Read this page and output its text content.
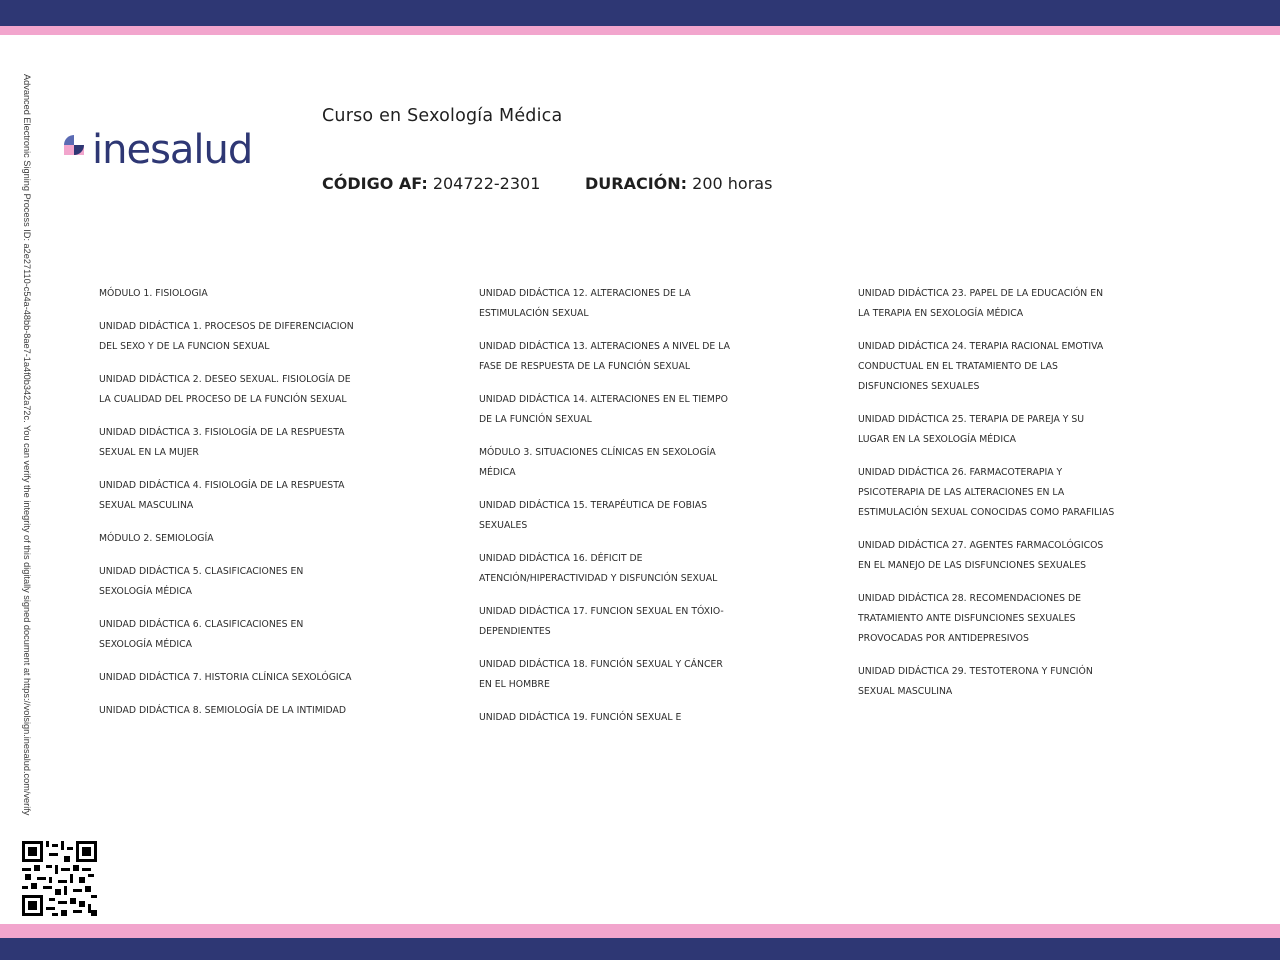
Advanced Electronic Signing Process ID: a2e27110-c54a-48bb-8ae7-1a4f0b342a72c. You can verify the integrity of this digitally signed document at https://volsign.inesalud.com/verify inesalud
Curso en Sexología Médica
CÓDIGO AF: 204722-2301	DURACIÓN: 200 horas
MÓDULO 1. FISIOLOGIA
UNIDAD DIDÁCTICA 1. PROCESOS DE DIFERENCIACION DEL SEXO Y DE LA FUNCION SEXUAL
UNIDAD DIDÁCTICA 2. DESEO SEXUAL. FISIOLOGÍA DE LA CUALIDAD DEL PROCESO DE LA FUNCIÓN SEXUAL
UNIDAD DIDÁCTICA 3. FISIOLOGÍA DE LA RESPUESTA SEXUAL EN LA MUJER
UNIDAD DIDÁCTICA 4. FISIOLOGÍA DE LA RESPUESTA SEXUAL MASCULINA
MÓDULO 2. SEMIOLOGÍA
UNIDAD DIDÁCTICA 5. CLASIFICACIONES EN SEXOLOGÍA MÉDICA
UNIDAD DIDÁCTICA 6. CLASIFICACIONES EN SEXOLOGÍA MÉDICA
UNIDAD DIDÁCTICA 7. HISTORIA CLÍNICA SEXOLÓGICA
UNIDAD DIDÁCTICA 8. SEMIOLOGÍA DE LA INTIMIDAD
UNIDAD DIDÁCTICA 12. ALTERACIONES DE LA ESTIMULACIÓN SEXUAL
UNIDAD DIDÁCTICA 13. ALTERACIONES A NIVEL DE LA FASE DE RESPUESTA DE LA FUNCIÓN SEXUAL
UNIDAD DIDÁCTICA 14. ALTERACIONES EN EL TIEMPO DE LA FUNCIÓN SEXUAL
MÓDULO 3. SITUACIONES CLÍNICAS EN SEXOLOGÍA MÉDICA
UNIDAD DIDÁCTICA 15. TERAPÉUTICA DE FOBIAS SEXUALES
UNIDAD DIDÁCTICA 16. DÉFICIT DE ATENCIÓN/HIPERACTIVIDAD Y DISFUNCIÓN SEXUAL
UNIDAD DIDÁCTICA 17. FUNCION SEXUAL EN TÓXIO-DEPENDIENTES
UNIDAD DIDÁCTICA 18. FUNCIÓN SEXUAL Y CÁNCER EN EL HOMBRE
UNIDAD DIDÁCTICA 19. FUNCIÓN SEXUAL E
UNIDAD DIDÁCTICA 23. PAPEL DE LA EDUCACIÓN EN LA TERAPIA EN SEXOLOGÍA MÉDICA
UNIDAD DIDÁCTICA 24. TERAPIA RACIONAL EMOTIVA CONDUCTUAL EN EL TRATAMIENTO DE LAS DISFUNCIONES SEXUALES
UNIDAD DIDÁCTICA 25. TERAPIA DE PAREJA Y SU LUGAR EN LA SEXOLOGÍA MÉDICA
UNIDAD DIDÁCTICA 26. FARMACOTERAPIA Y PSICOTERAPIA DE LAS ALTERACIONES EN LA ESTIMULACIÓN SEXUAL CONOCIDAS COMO PARAFILIAS
UNIDAD DIDÁCTICA 27. AGENTES FARMACOLÓGICOS EN EL MANEJO DE LAS DISFUNCIONES SEXUALES
UNIDAD DIDÁCTICA 28. RECOMENDACIONES DE TRATAMIENTO ANTE DISFUNCIONES SEXUALES PROVOCADAS POR ANTIDEPRESIVOS
UNIDAD DIDÁCTICA 29. TESTOTERONA Y FUNCIÓN SEXUAL MASCULINA
